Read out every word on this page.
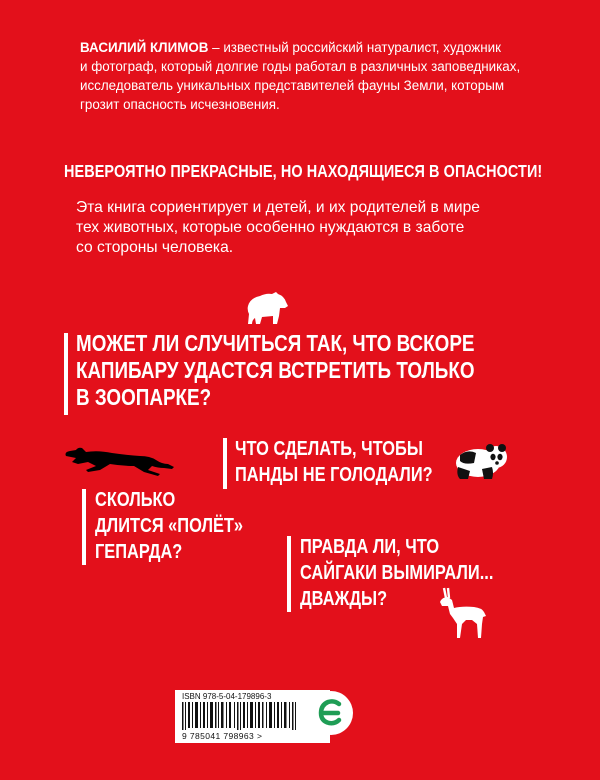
ВАСИЛИЙ КЛИМОВ – известный российский натуралист, художник
и фотограф, который долгие годы работал в различных заповедниках,
исследователь уникальных представителей фауны Земли, которым
грозит опасность исчезновения.
НЕВЕРОЯТНО ПРЕКРАСНЫЕ, НО НАХОДЯЩИЕСЯ В ОПАСНОСТИ!
Эта книга сориентирует и детей, и их родителей в мире
тех животных, которые особенно нуждаются в заботе
со стороны человека.
МОЖЕТ ЛИ СЛУЧИТЬСЯ ТАК, ЧТО ВСКОРЕ
КАПИБАРУ УДАСТСЯ ВСТРЕТИТЬ ТОЛЬКО
В ЗООПАРКЕ?
ЧТО СДЕЛАТЬ, ЧТОБЫ
ПАНДЫ НЕ ГОЛОДАЛИ?
СКОЛЬКО
ДЛИТСЯ «ПОЛЁТ»
ГЕПАРДА?	ПРАВДА ЛИ, ЧТО
САЙГАКИ ВЫМИРАЛИ...
ДВАЖДЫ?
ISBN 978-5-04-179896-3
9 785041 798963 >
